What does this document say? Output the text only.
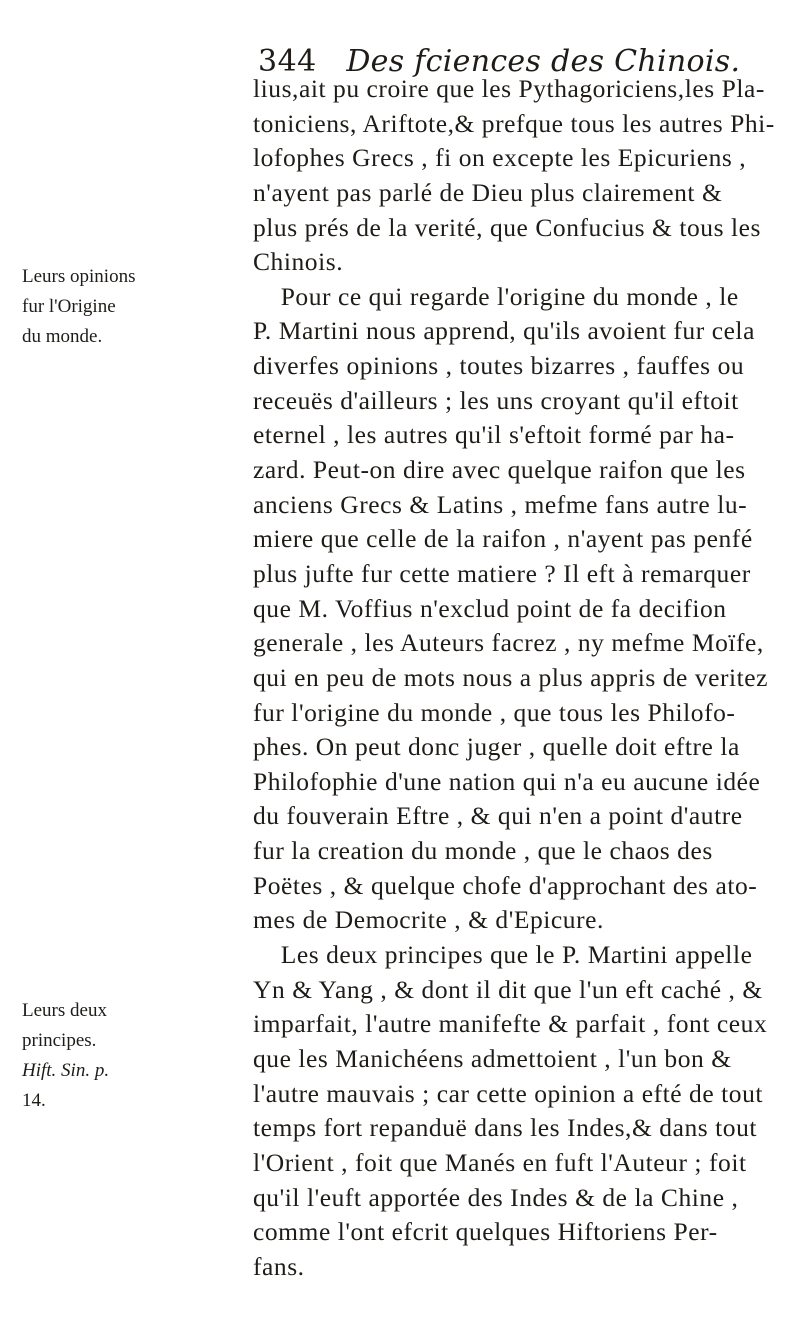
344 Des fciences des Chinois.
Leurs opinions
fur l'Origine
du monde.
Leurs deux
principes.
Hift. Sin. p.
14.
lius,ait pu croire que les Pythagoriciens,les Pla-
toniciens, Ariftote,& prefque tous les autres Phi-
lofophes Grecs , fi on excepte les Epicuriens ,
n'ayent pas parlé de Dieu plus clairement &
plus prés de la verité, que Confucius & tous les
Chinois.
Pour ce qui regarde l'origine du monde , le
P. Martini nous apprend, qu'ils avoient fur cela
diverfes opinions , toutes bizarres , fauffes ou
receuës d'ailleurs ; les uns croyant qu'il eftoit
eternel , les autres qu'il s'eftoit formé par ha-
zard. Peut-on dire avec quelque raifon que les
anciens Grecs & Latins , mefme fans autre lu-
miere que celle de la raifon , n'ayent pas penfé
plus jufte fur cette matiere ? Il eft à remarquer
que M. Voffius n'exclud point de fa decifion
generale , les Auteurs facrez , ny mefme Moïfe,
qui en peu de mots nous a plus appris de veritez
fur l'origine du monde , que tous les Philofo-
phes. On peut donc juger , quelle doit eftre la
Philofophie d'une nation qui n'a eu aucune idée
du fouverain Eftre , & qui n'en a point d'autre
fur la creation du monde , que le chaos des
Poëtes , & quelque chofe d'approchant des ato-
mes de Democrite , & d'Epicure.
Les deux principes que le P. Martini appelle
Yn & Yang , & dont il dit que l'un eft caché , &
imparfait, l'autre manifefte & parfait , font ceux
que les Manichéens admettoient , l'un bon &
l'autre mauvais ; car cette opinion a efté de tout
temps fort repanduë dans les Indes,& dans tout
l'Orient , foit que Manés en fuft l'Auteur ; foit
qu'il l'euft apportée des Indes & de la Chine ,
comme l'ont efcrit quelques Hiftoriens Per-
fans.
